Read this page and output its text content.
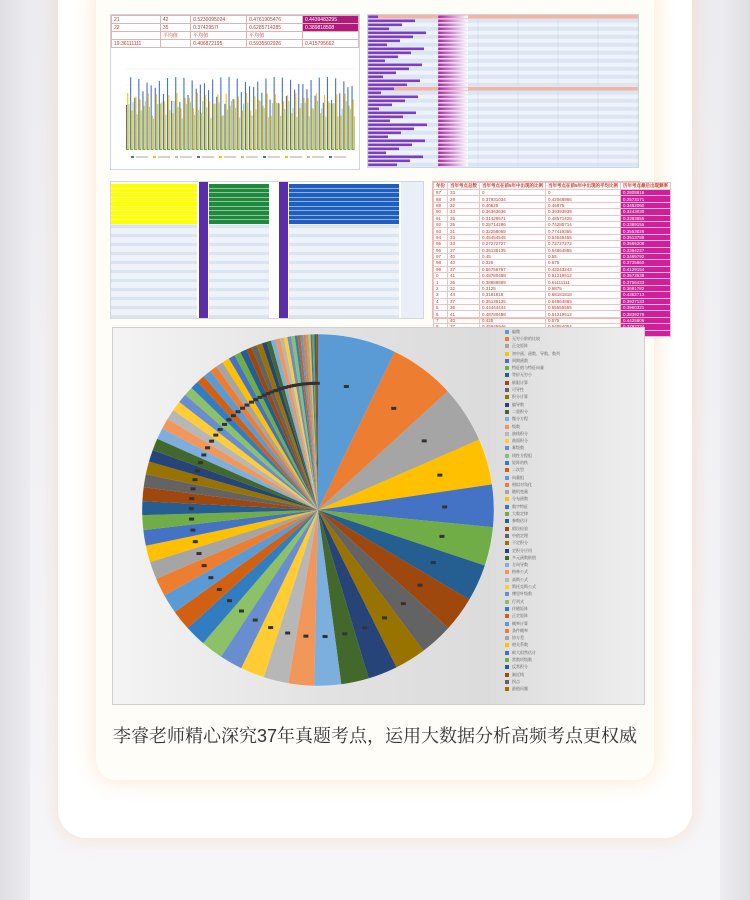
21	42	0.5230095024	0.4761905476	0.4439483295
22	35	0.3742957I	0.6285714285	0.389818508
	平均值	平均值	平均值	
19.36111111		0.406872195	0.5935502926	0.415795662
年份	当年考点总数	当年考点在前5年中出现的比例	当年考点在前5年中出现的平均比例	历年考点最后出现频率
87	33	0	0	0.2808815
88	29	0.37931034	0.42068966	0.2573171
89	32	0.40625	0.46875	0.3452060
90	33	0.36363636	0.39393939	0.3243030
91	35	0.31428571	0.48571429	0.3363655
92	35	0.25714286	0.74285714	0.3389155
93	31	0.32258065	0.77419355	0.3553026
94	33	0.45454545	0.54545455	0.3513799
95	33	0.27272727	0.72727272	0.3565208
96	37	0.35135135	0.64864865	0.3364227
97	40	0.45	0.55	0.3469792
98	40	0.325	0.675	0.3725860
99	37	0.56756757	0.43243243	0.4129154
0	41	0.48780488	0.51219512	0.3573538
1	36	0.38888889	0.61111111	0.3756433
2	32	0.3125	0.6875	0.3691782
3	44	0.3181818	0.68181818	0.4362713
4	37	0.35135135	0.64864865	0.3927133
5	36	0.44444444	0.55555555	0.3960321
6	41	0.48780488	0.51219512	0.3839279
7	40	0.425	0.575	0.4425806

偏微
无穷小阶的比较
正交矩阵
初中函、函数、导数、数列
周期函数
特征值与特征向量
等价无穷小
极限计算
可导性
积分计算
偏导数
二重积分
微分方程
级数
曲线积分
曲面积分
幂级数
线性方程组
矩阵的秩
二次型
向量组
相似对角化
随机变量
分布函数
数字特征
大数定律
参数估计
假设检验
中值定理
不定积分
定积分应用
多元函数极值
方向导数
格林公式
高斯公式
斯托克斯公式
傅里叶级数
行列式
伴随矩阵
正定矩阵
概率计算
条件概率
协方差
相关系数
极大似然估计
常数项级数
反常积分
渐近线
拐点
最值问题
李睿老师精心深究37年真题考点，运用大数据分析高频考点更权威
